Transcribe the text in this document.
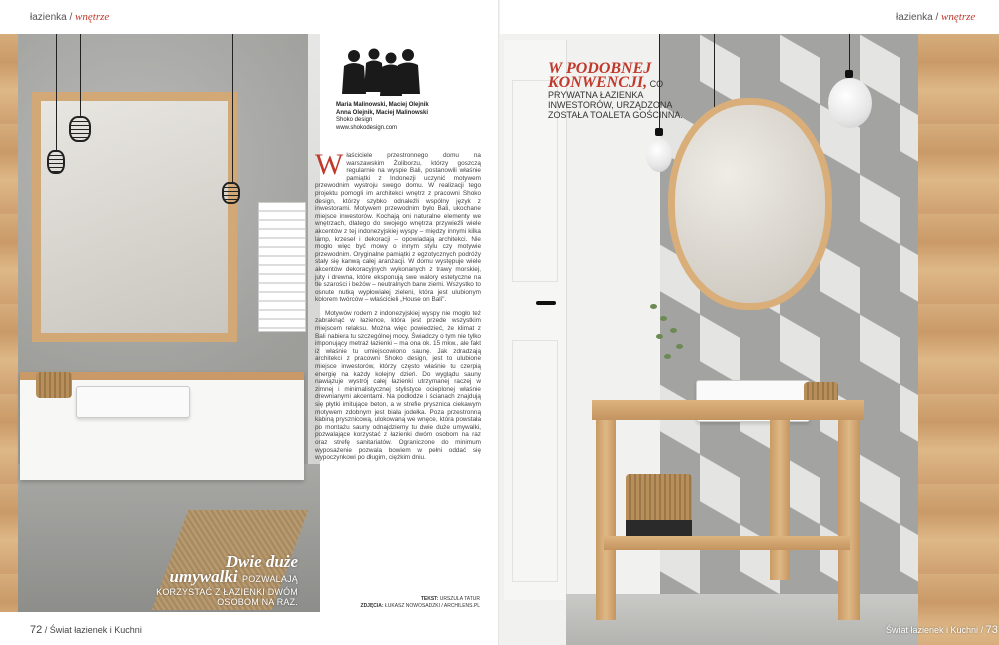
łazienka / wnętrze
Dwie duże
umywalki POZWALAJĄ
KORZYSTAĆ Z ŁAZIENKI DWÓM OSOBOM NA RAZ.
Maria Malinowski, Maciej Olejnik
Anna Olejnik, Maciej Malinowski
Shoko design
www.shokodesign.com

Właściciele przestronnego domu na warszawskim Żoliborzu, którzy goszczą regularnie na wyspie Bali, postanowili właśnie pamiątki z Indonezji uczynić motywem przewodnim wystroju swego domu. W realizacji tego projektu pomogli im architekci wnętrz z pracowni Shoko design, którzy szybko odnaleźli wspólny język z inwestorami. Motywem przewodnim było Bali, ukochane miejsce inwestorów. Kochają oni naturalne elementy we wnętrzach, dlatego do swojego wnętrza przywieźli wiele akcentów z tej indonezyjskiej wyspy – między innymi kilka lamp, krzeseł i dekoracji – opowiadają architekci. Nie mogło więc być mowy o innym stylu czy motywie przewodnim. Oryginalne pamiątki z egzotycznych podróży stały się kanwą całej aranżacji. W domu występuje wiele akcentów dekoracyjnych wykonanych z trawy morskiej, juty i drewna, które eksponują swe walory estetyczne na tle szarości i beżów – neutralnych barw ziemi. Wszystko to osnute nutką wypłowiałej zieleni, która jest ulubionym kolorem twórców – właścicieli „House on Bali".

Motywów rodem z indonezyjskiej wyspy nie mogło też zabraknąć w łazience, która jest przede wszystkim miejscem relaksu. Można więc powiedzieć, że klimat z Bali nabiera tu szczególnej mocy. Świadczy o tym nie tylko imponujący metraż łazienki – ma ona ok. 15 mkw., ale fakt iż właśnie tu umiejscowiono saunę. Jak zdradzają architekci z pracowni Shoko design, jest to ulubione miejsce inwestorów, którzy często właśnie tu czerpią energię na każdy kolejny dzień. Do wyglądu sauny nawiązuje wystrój całej łazienki utrzymanej raczej w zimnej i minimalistycznej stylistyce ocieplonej właśnie drewnianymi akcentami. Na podłodze i ścianach znajdują się płytki imitujące beton, a w strefie prysznica ciekawym motywem zdobnym jest biała jodełka. Poza przestronną kabiną prysznicową, ulokowaną we wnęce, która powstała po montażu sauny odnajdziemy tu dwie duże umywalki, pozwalające korzystać z łazienki dwóm osobom na raz oraz strefę sanitariatów. Ograniczone do minimum wyposażenie pozwala bowiem w pełni oddać się wypoczynkowi po długim, ciężkim dniu.

TEKST: URSZULA TATUR
ZDJĘCIA: ŁUKASZ NOWOSADZKI / ARCHILENS.PL
72 / Świat łazienek i Kuchni
łazienka / wnętrze
W PODOBNEJ
KONWENCJI, CO
PRYWATNA ŁAZIENKA INWESTORÓW, URZĄDZONA ZOSTAŁA TOALETA GOŚCINNA.
Świat łazienek i Kuchni / 73
